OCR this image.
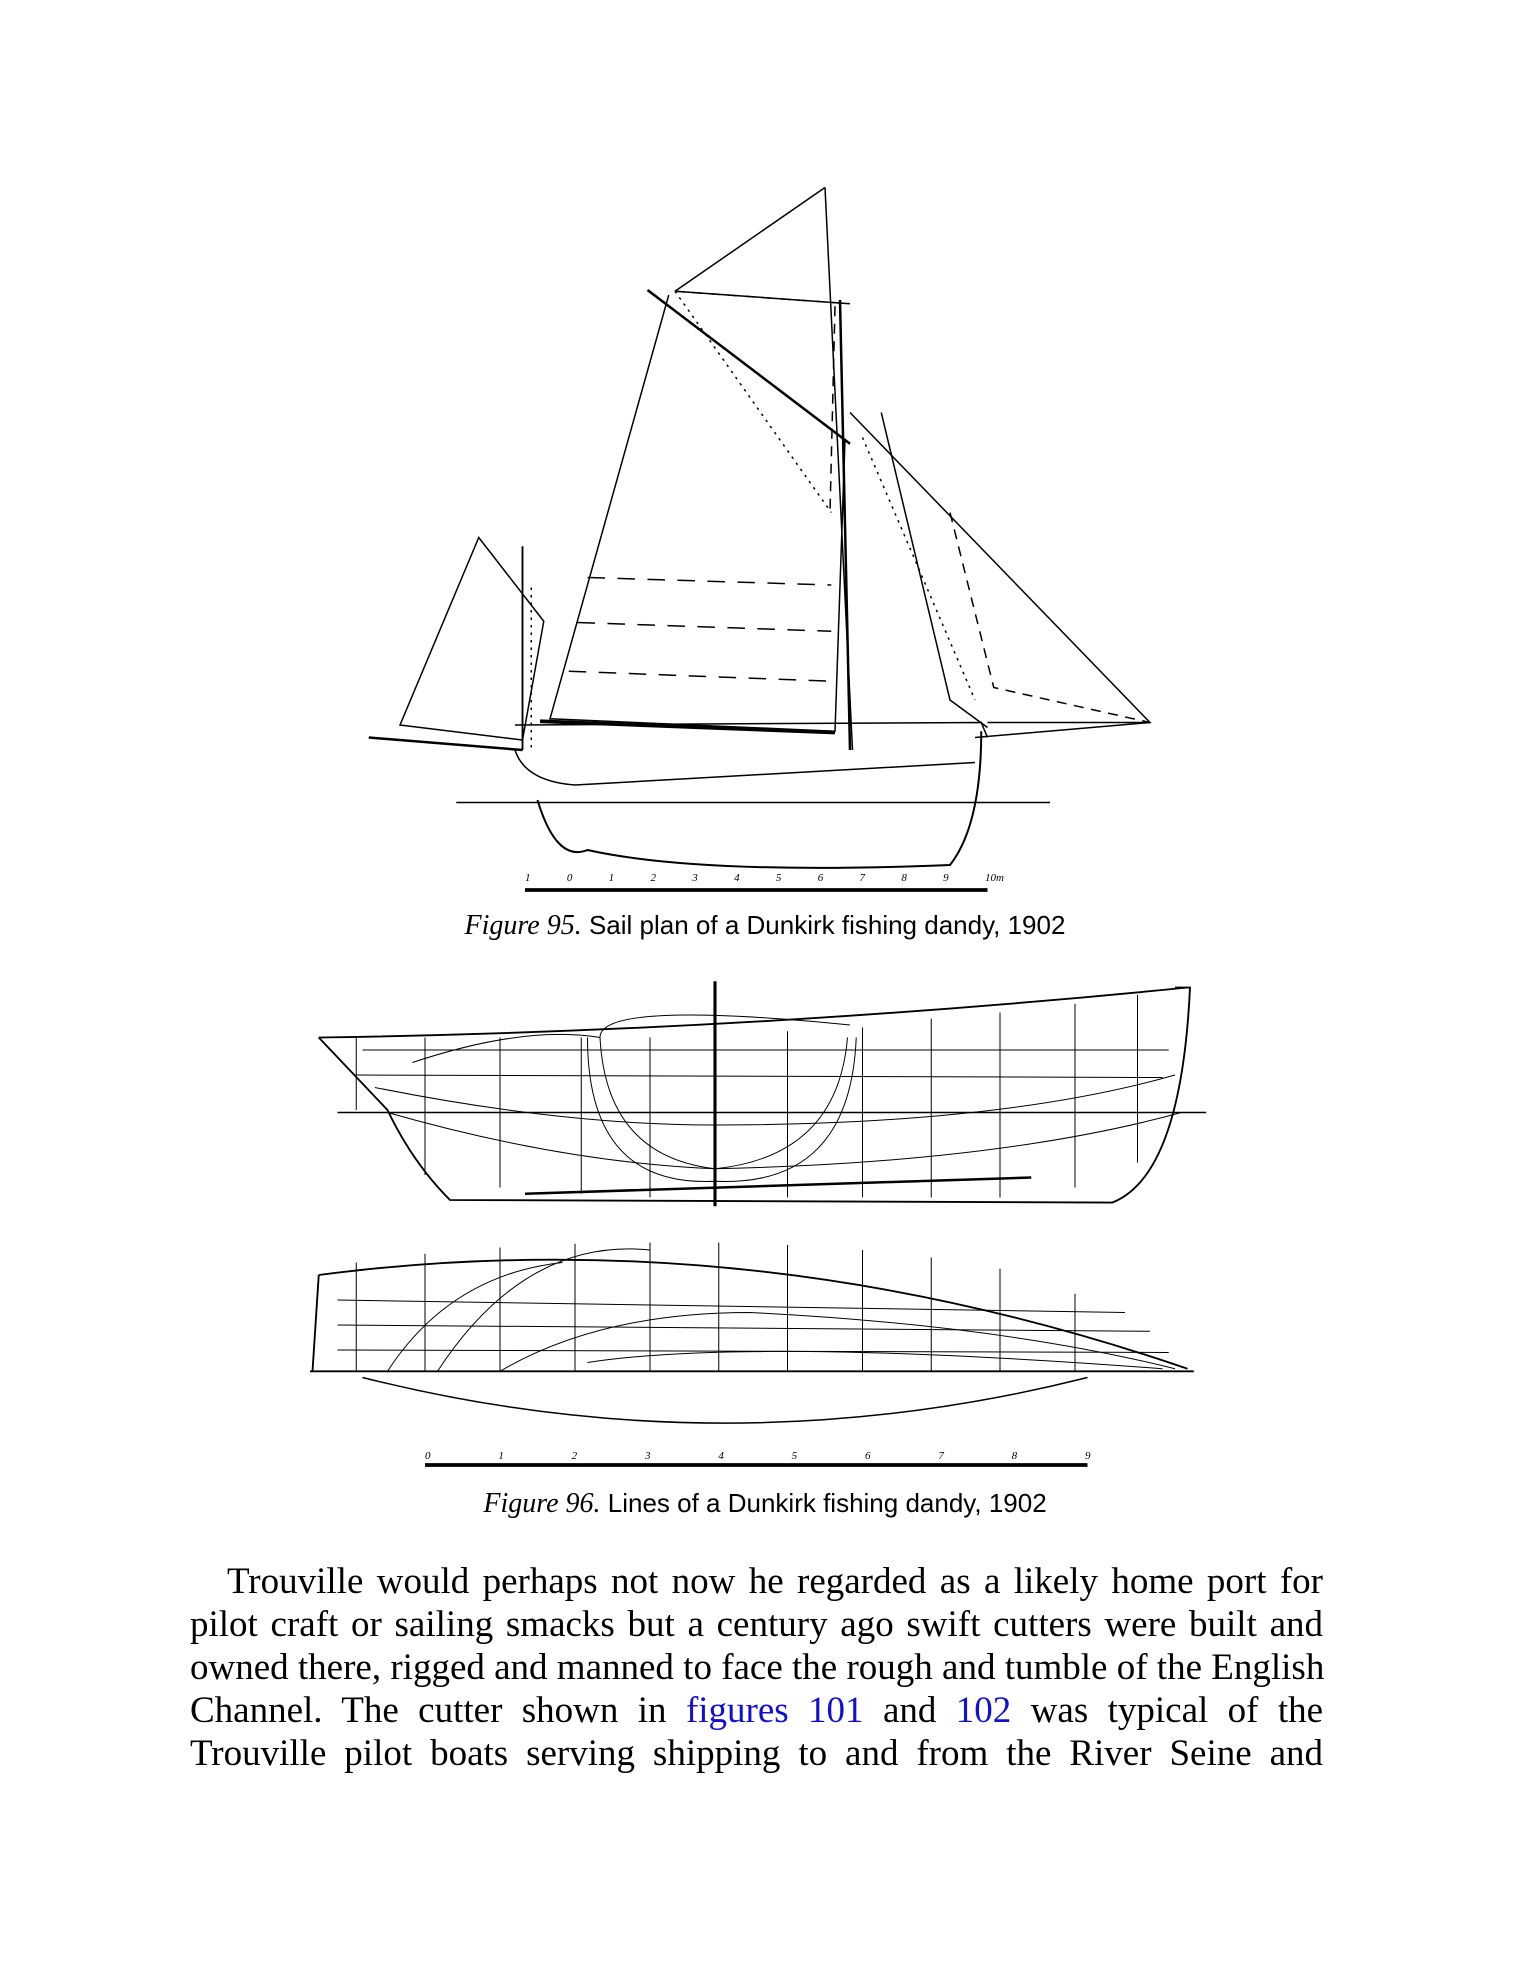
Figure 95. Sail plan of a Dunkirk fishing dandy, 1902
Figure 96. Lines of a Dunkirk fishing dandy, 1902
1	0	1	2	3	4	5	6	7	8	9	10m
0	1	2	3	4	5	6	7	8	9
Trouville would perhaps not now he regarded as a likely home port for
pilot craft or sailing smacks but a century ago swift cutters were built and
owned there, rigged and manned to face the rough and tumble of the English
Channel. The cutter shown in figures 101 and 102 was typical of the
Trouville pilot boats serving shipping to and from the River Seine and
